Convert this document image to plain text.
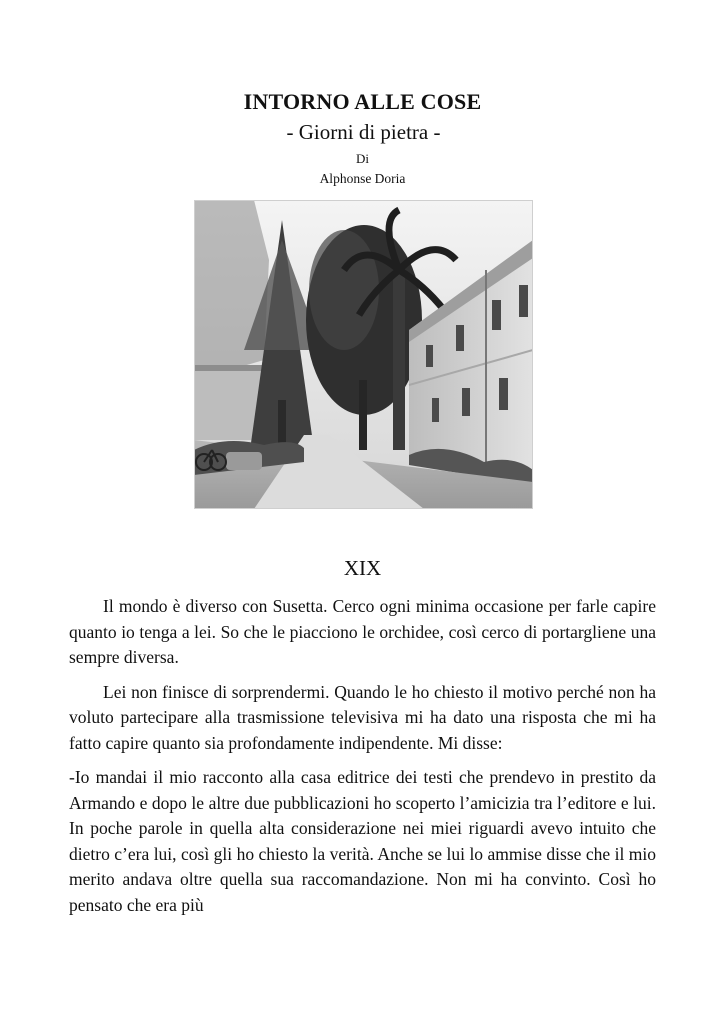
INTORNO ALLE COSE
- Giorni di pietra -
Di
Alphonse Doria
XIX

Il mondo è diverso con Susetta. Cerco ogni minima occasione per farle capire quanto io tenga a lei. So che le piacciono le orchidee, così cerco di portargliene una sempre diversa.

Lei non finisce di sorprendermi. Quando le ho chiesto il motivo perché non ha voluto partecipare alla trasmissione televisiva mi ha dato una risposta che mi ha fatto capire quanto sia profondamente indipendente. Mi disse:

-Io mandai il mio racconto alla casa editrice dei testi che prendevo in prestito da Armando e dopo le altre due pubblicazioni ho scoperto l’amicizia tra l’editore e lui. In poche parole in quella alta considerazione nei miei riguardi avevo intuito che dietro c’era lui, così gli ho chiesto la verità. Anche se lui lo ammise disse che il mio merito andava oltre quella sua raccomandazione. Non mi ha convinto. Così ho pensato che era più
